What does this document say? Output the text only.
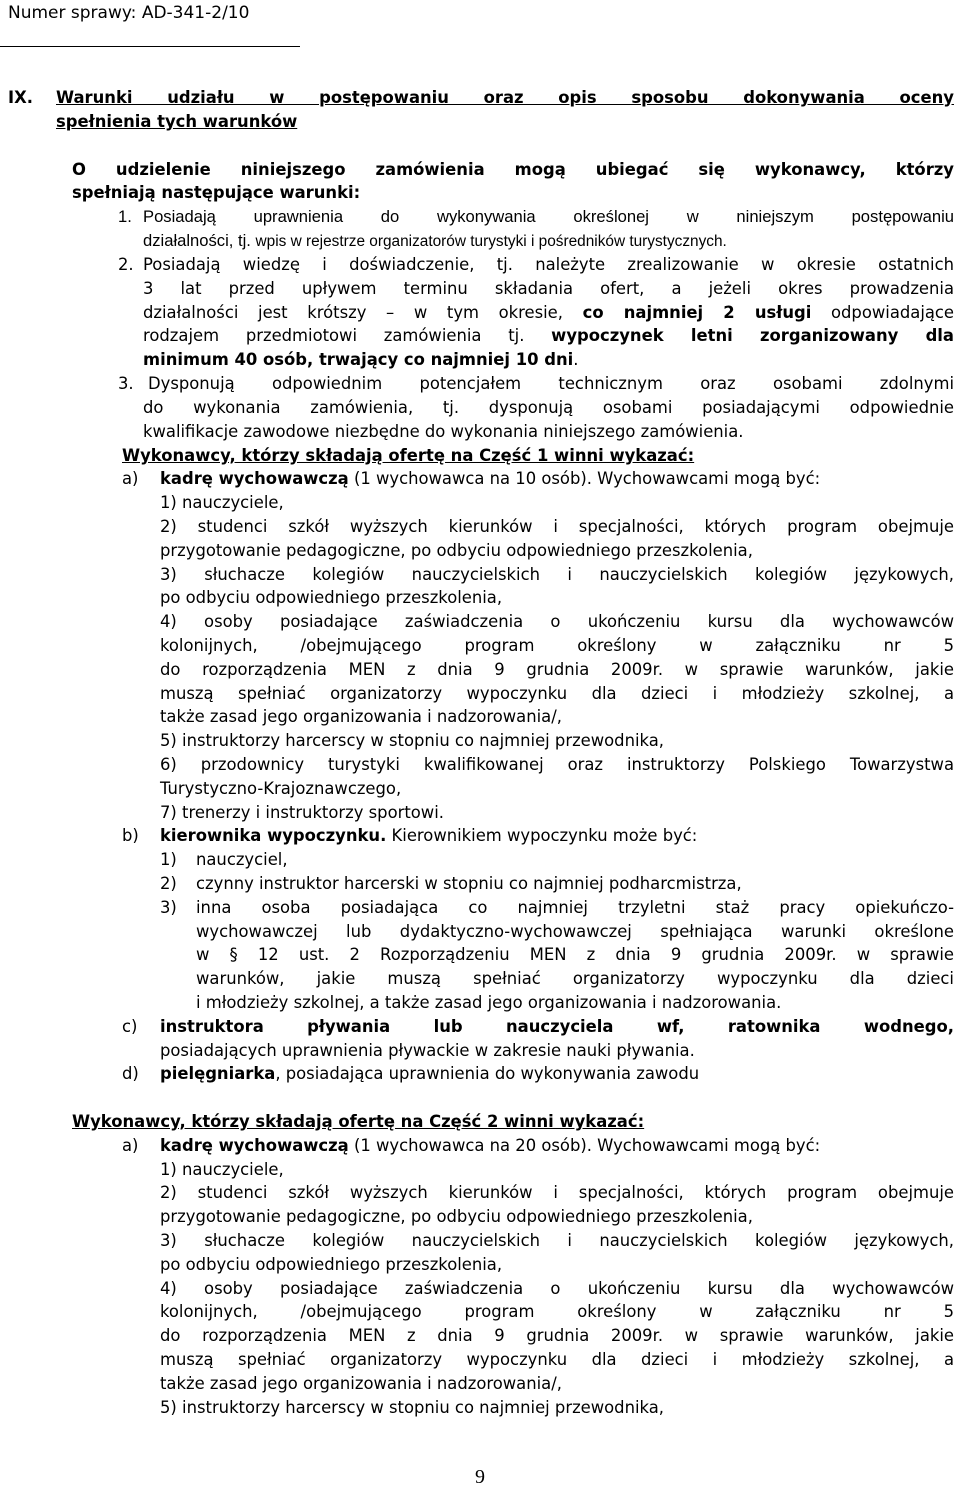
Numer sprawy: AD-341-2/10
IX.	Warunki udziału w postępowaniu oraz opis sposobu dokonywania oceny
spełnienia tych warunków
O udzielenie niniejszego zamówienia mogą ubiegać się wykonawcy, którzy
spełniają następujące warunki:
1. Posiadają uprawnienia do wykonywania określonej w niniejszym postępowaniu
działalności, tj. wpis w rejestrze organizatorów turystyki i pośredników turystycznych.
2. Posiadają wiedzę i doświadczenie, tj. należyte zrealizowanie w okresie ostatnich
3 lat przed upływem terminu składania ofert, a jeżeli okres prowadzenia
działalności jest krótszy – w tym okresie, co najmniej 2 usługi odpowiadające
rodzajem przedmiotowi zamówienia tj. wypoczynek letni zorganizowany dla
minimum 40 osób, trwający co najmniej 10 dni.
3. Dysponują odpowiednim potencjałem technicznym oraz osobami zdolnymi
do wykonania zamówienia, tj. dysponują osobami posiadającymi odpowiednie
kwalifikacje zawodowe niezbędne do wykonania niniejszego zamówienia.
Wykonawcy, którzy składają ofertę na Część 1 winni wykazać:
a)	kadrę wychowawczą (1 wychowawca na 10 osób). Wychowawcami mogą być:
1) nauczyciele,
2) studenci szkół wyższych kierunków i specjalności, których program obejmuje
przygotowanie pedagogiczne, po odbyciu odpowiedniego przeszkolenia,
3) słuchacze kolegiów nauczycielskich i nauczycielskich kolegiów językowych,
po odbyciu odpowiedniego przeszkolenia,
4) osoby posiadające zaświadczenia o ukończeniu kursu dla wychowawców
kolonijnych, /obejmującego program określony w załączniku nr 5
do rozporządzenia MEN z dnia 9 grudnia 2009r. w sprawie warunków, jakie
muszą spełniać organizatorzy wypoczynku dla dzieci i młodzieży szkolnej, a
także zasad jego organizowania i nadzorowania/,
5) instruktorzy harcerscy w stopniu co najmniej przewodnika,
6) przodownicy turystyki kwalifikowanej oraz instruktorzy Polskiego Towarzystwa
Turystyczno-Krajoznawczego,
7) trenerzy i instruktorzy sportowi.
b)	kierownika wypoczynku. Kierownikiem wypoczynku może być:
1)	nauczyciel,
2)	czynny instruktor harcerski w stopniu co najmniej podharcmistrza,
3)	inna osoba posiadająca co najmniej trzyletni staż pracy opiekuńczo-
wychowawczej lub dydaktyczno-wychowawczej spełniająca warunki określone
w § 12 ust. 2 Rozporządzeniu MEN z dnia 9 grudnia 2009r. w sprawie
warunków, jakie muszą spełniać organizatorzy wypoczynku dla dzieci
i młodzieży szkolnej, a także zasad jego organizowania i nadzorowania.
c)	instruktora pływania lub nauczyciela wf, ratownika wodnego,
posiadających uprawnienia pływackie w zakresie nauki pływania.
d)	pielęgniarka, posiadająca uprawnienia do wykonywania zawodu
Wykonawcy, którzy składają ofertę na Część 2 winni wykazać:
a)	kadrę wychowawczą (1 wychowawca na 20 osób). Wychowawcami mogą być:
1) nauczyciele,
2) studenci szkół wyższych kierunków i specjalności, których program obejmuje
przygotowanie pedagogiczne, po odbyciu odpowiedniego przeszkolenia,
3) słuchacze kolegiów nauczycielskich i nauczycielskich kolegiów językowych,
po odbyciu odpowiedniego przeszkolenia,
4) osoby posiadające zaświadczenia o ukończeniu kursu dla wychowawców
kolonijnych, /obejmującego program określony w załączniku nr 5
do rozporządzenia MEN z dnia 9 grudnia 2009r. w sprawie warunków, jakie
muszą spełniać organizatorzy wypoczynku dla dzieci i młodzieży szkolnej, a
także zasad jego organizowania i nadzorowania/,
5) instruktorzy harcerscy w stopniu co najmniej przewodnika,
9
